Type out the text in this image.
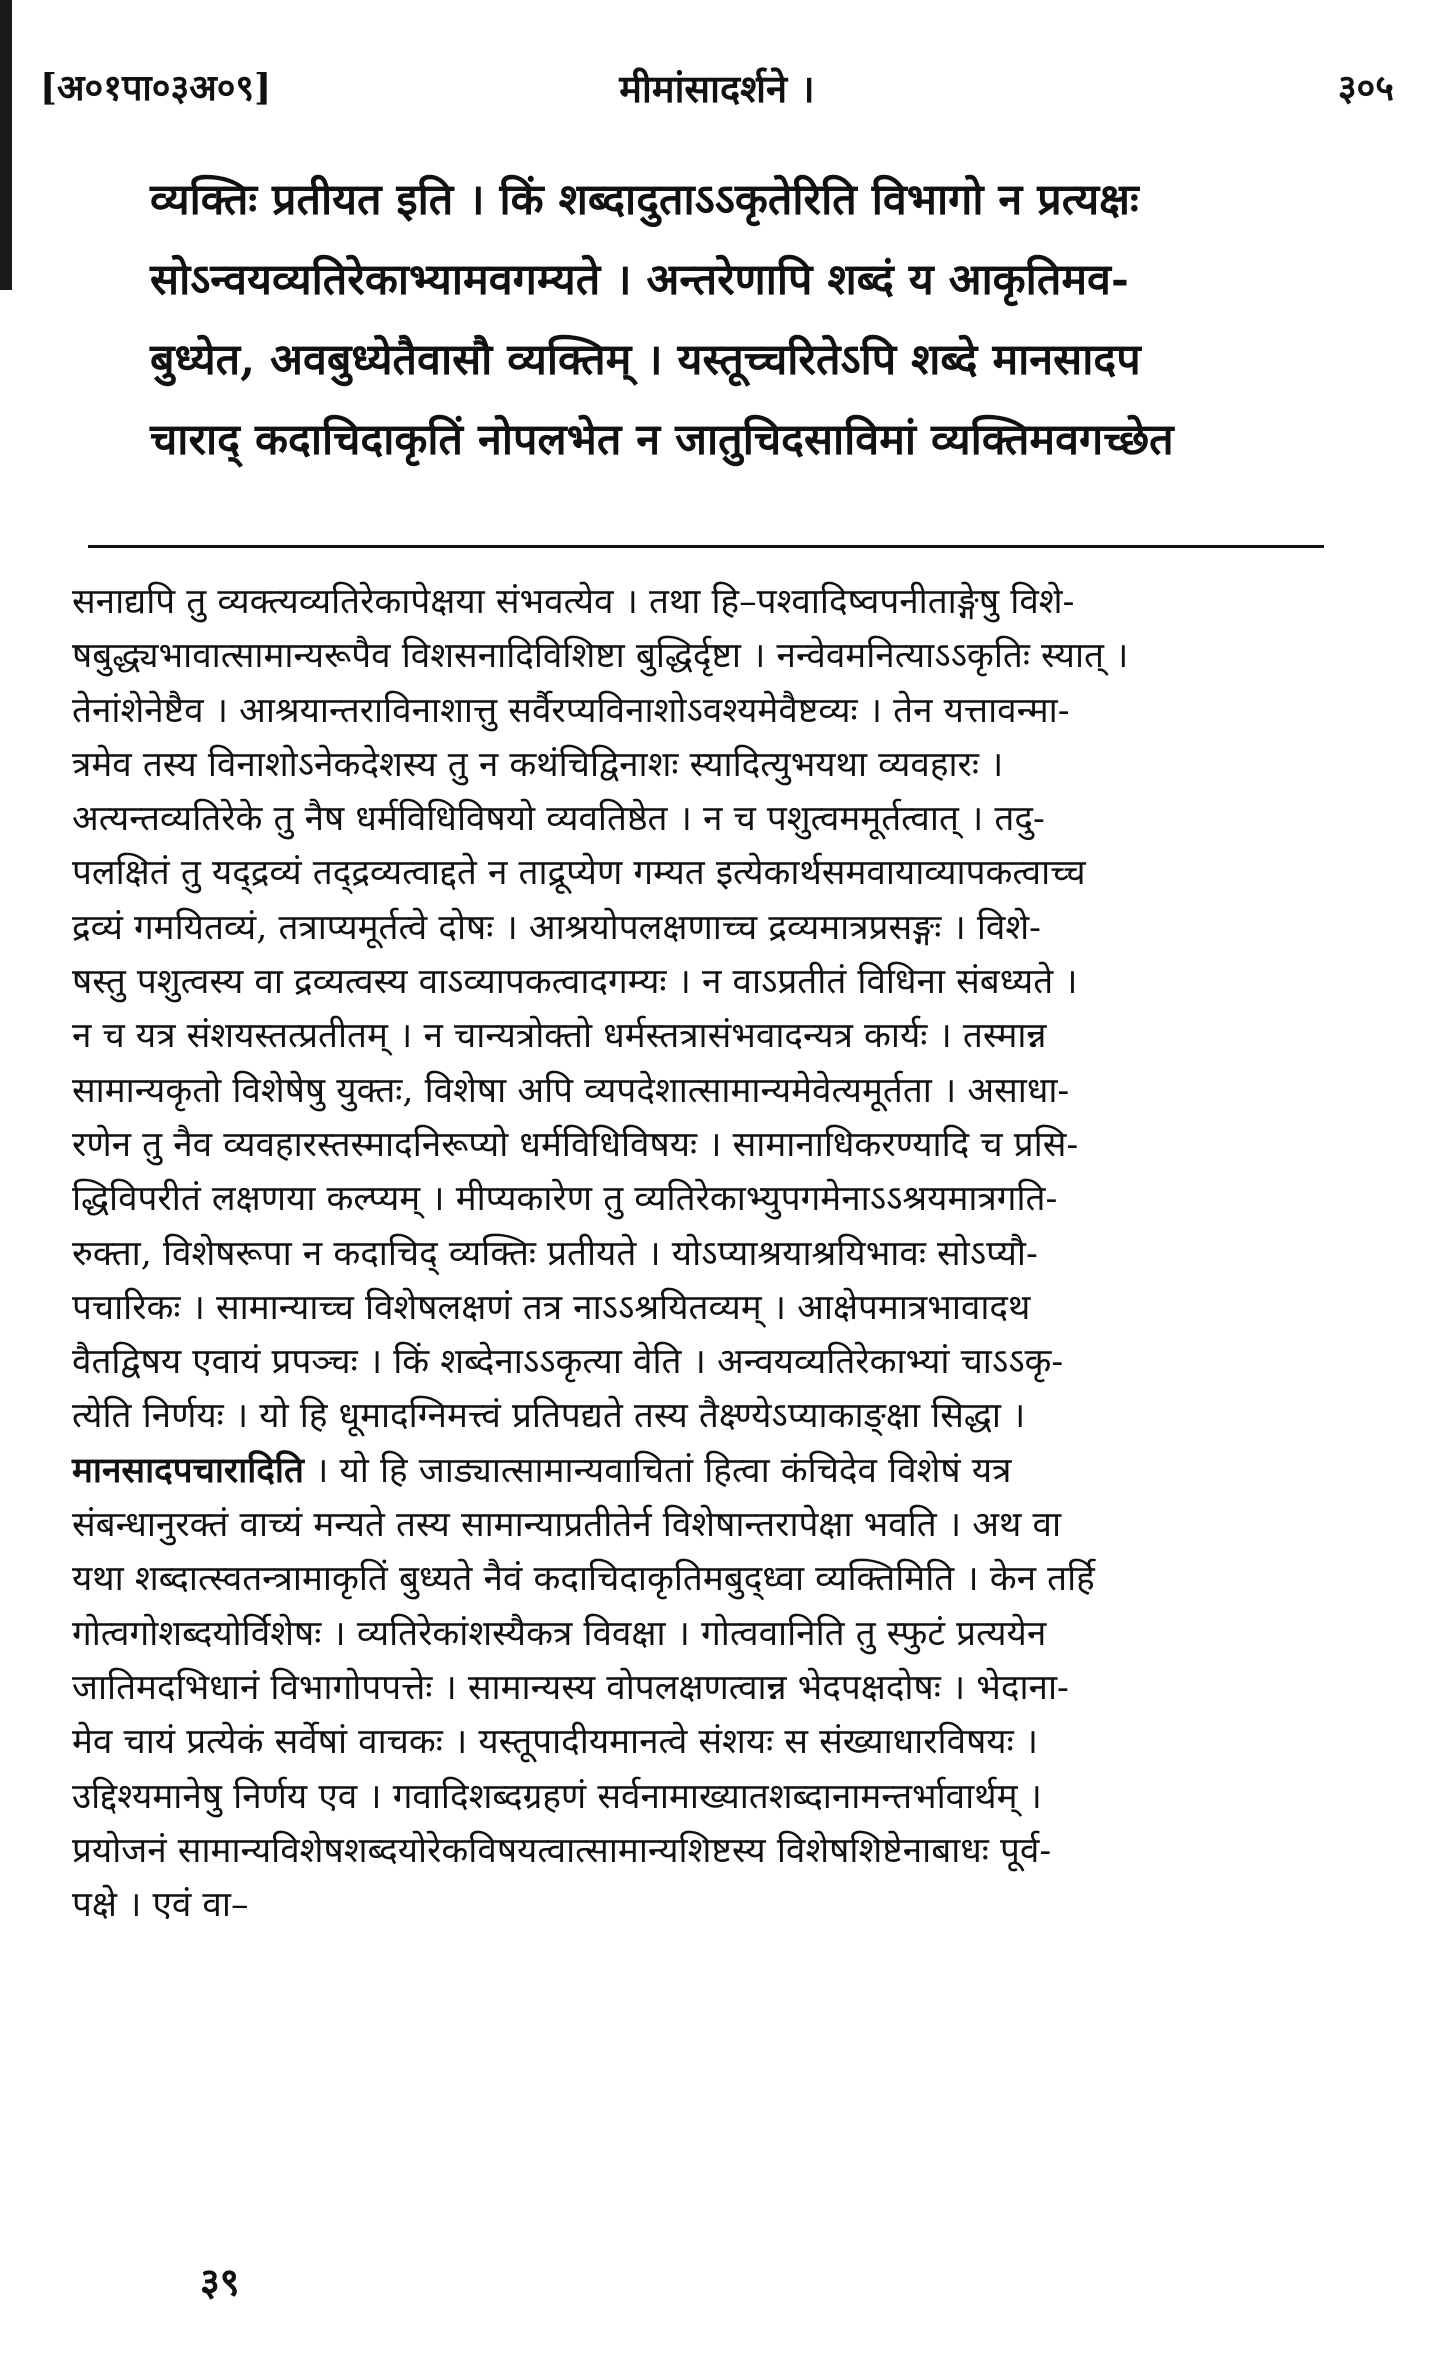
[अ०१पा०३अ०९]	मीमांसादर्शने ।	३०५

व्यक्तिः प्रतीयत इति । किं शब्दादुताऽऽकृतेरिति विभागो न प्रत्यक्षः

सोऽन्वयव्यतिरेकाभ्यामवगम्यते । अन्तरेणापि शब्दं य आकृतिमव-

बुध्येत, अवबुध्येतैवासौ व्यक्तिम् । यस्तूच्चरितेऽपि शब्दे मानसादप

चाराद् कदाचिदाकृतिं नोपलभेत न जातुचिदसाविमां व्यक्तिमवगच्छेत

सनाद्यपि तु व्यक्त्यव्यतिरेकापेक्षया संभवत्येव । तथा हि–पश्वादिष्वपनीताङ्गेषु विशे-

षबुद्ध्यभावात्सामान्यरूपैव विशसनादिविशिष्टा बुद्धिर्दृष्टा । नन्वेवमनित्याऽऽकृतिः स्यात् ।

तेनांशेनेष्टैव । आश्रयान्तराविनाशात्तु सर्वैरप्यविनाशोऽवश्यमेवैष्टव्यः । तेन यत्तावन्मा-

त्रमेव तस्य विनाशोऽनेकदेशस्य तु न कथंचिद्विनाशः स्यादित्युभयथा व्यवहारः ।

अत्यन्तव्यतिरेके तु नैष धर्मविधिविषयो व्यवतिष्ठेत । न च पशुत्वममूर्तत्वात् । तदु-

पलक्षितं तु यद्द्रव्यं तद्द्रव्यत्वाद्दते न ताद्रूप्येण गम्यत इत्येकार्थसमवायाव्यापकत्वाच्च

द्रव्यं गमयितव्यं, तत्राप्यमूर्तत्वे दोषः । आश्रयोपलक्षणाच्च द्रव्यमात्रप्रसङ्गः । विशे-

षस्तु पशुत्वस्य वा द्रव्यत्वस्य वाऽव्यापकत्वादगम्यः । न वाऽप्रतीतं विधिना संबध्यते ।

न च यत्र संशयस्तत्प्रतीतम् । न चान्यत्रोक्तो धर्मस्तत्रासंभवादन्यत्र कार्यः । तस्मान्न

सामान्यकृतो विशेषेषु युक्तः, विशेषा अपि व्यपदेशात्सामान्यमेवेत्यमूर्तता । असाधा-

रणेन तु नैव व्यवहारस्तस्मादनिरूप्यो धर्मविधिविषयः । सामानाधिकरण्यादि च प्रसि-

द्धिविपरीतं लक्षणया कल्प्यम् । मीप्यकारेण तु व्यतिरेकाभ्युपगमेनाऽऽश्रयमात्रगति-

रुक्ता, विशेषरूपा न कदाचिद् व्यक्तिः प्रतीयते । योऽप्याश्रयाश्रयिभावः सोऽप्यौ-

पचारिकः । सामान्याच्च विशेषलक्षणं तत्र नाऽऽश्रयितव्यम् । आक्षेपमात्रभावादथ

वैतद्विषय एवायं प्रपञ्चः । किं शब्देनाऽऽकृत्या वेति । अन्वयव्यतिरेकाभ्यां चाऽऽकृ-

त्येति निर्णयः । यो हि धूमादग्निमत्त्वं प्रतिपद्यते तस्य तैक्ष्ण्येऽप्याकाङ्क्षा सिद्धा ।

मानसादपचारादिति । यो हि जाड्यात्सामान्यवाचितां हित्वा कंचिदेव विशेषं यत्र

संबन्धानुरक्तं वाच्यं मन्यते तस्य सामान्याप्रतीतेर्न विशेषान्तरापेक्षा भवति । अथ वा

यथा शब्दात्स्वतन्त्रामाकृतिं बुध्यते नैवं कदाचिदाकृतिमबुद्ध्वा व्यक्तिमिति । केन तर्हि

गोत्वगोशब्दयोर्विशेषः । व्यतिरेकांशस्यैकत्र विवक्षा । गोत्ववानिति तु स्फुटं प्रत्ययेन

जातिमदभिधानं विभागोपपत्तेः । सामान्यस्य वोपलक्षणत्वान्न भेदपक्षदोषः । भेदाना-

मेव चायं प्रत्येकं सर्वेषां वाचकः । यस्तूपादीयमानत्वे संशयः स संख्याधारविषयः ।

उद्दिश्यमानेषु निर्णय एव । गवादिशब्दग्रहणं सर्वनामाख्यातशब्दानामन्तर्भावार्थम् ।

प्रयोजनं सामान्यविशेषशब्दयोरेकविषयत्वात्सामान्यशिष्टस्य विशेषशिष्टेनाबाधः पूर्व-

पक्षे । एवं वा–

३९
